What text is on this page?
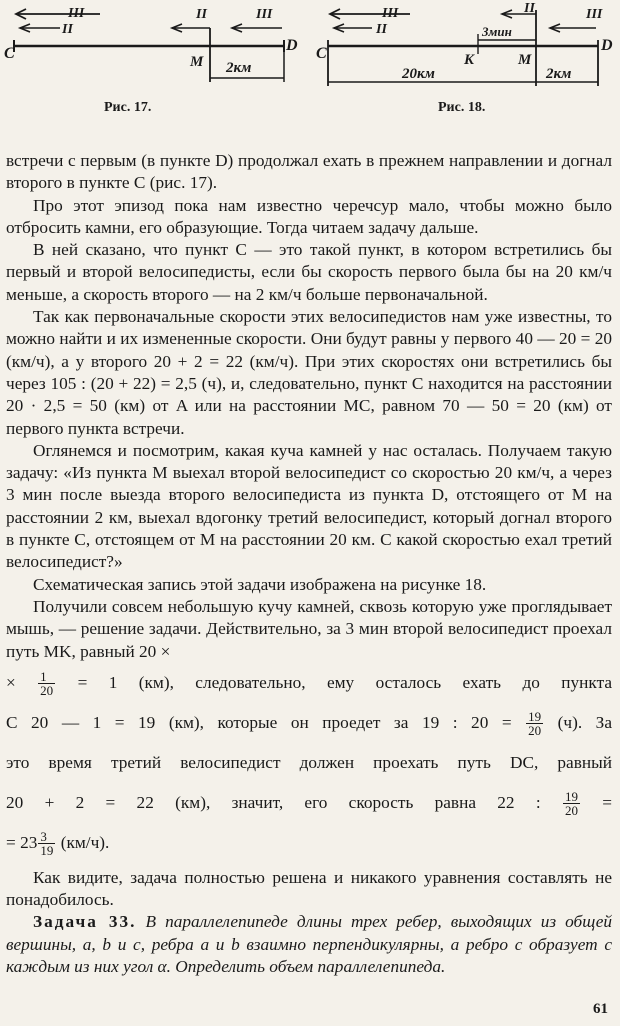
C	D
M 2км
III
II
II	III
Рис. 17.
C	D
K	M
20км
3мин
2км
III
II
II	III
Рис. 18.

встречи с первым (в пункте D) продолжал ехать в прежнем направлении и догнал второго в пункте C (рис. 17).

Про этот эпизод пока нам известно черечсур мало, чтобы можно было отбросить камни, его образующие. Тогда читаем задачу дальше.

В ней сказано, что пункт C — это такой пункт, в котором встретились бы первый и второй велосипедисты, если бы скорость первого была бы на 20 км/ч меньше, а скорость второго — на 2 км/ч больше первоначальной.

Так как первоначальные скорости этих велосипедистов нам уже известны, то можно найти и их измененные скорости. Они будут равны у первого 40 — 20 = 20 (км/ч), а у второго 20 + 2 = 22 (км/ч). При этих скоростях они встретились бы через 105 : (20 + 22) = 2,5 (ч), и, следовательно, пункт C находится на расстоянии 20 · 2,5 = 50 (км) от A или на расстоянии MC, равном 70 — 50 = 20 (км) от первого пункта встречи.

Оглянемся и посмотрим, какая куча камней у нас осталась. Получаем такую задачу: «Из пункта M выехал второй велосипедист со скоростью 20 км/ч, а через 3 мин после выезда второго велосипедиста из пункта D, отстоящего от M на расстоянии 2 км, выехал вдогонку третий велосипедист, который догнал второго в пункте C, отстоящем от M на расстоянии 20 км. С какой скоростью ехал третий велосипедист?»

Схематическая запись этой задачи изображена на рисунке 18.

Получили совсем небольшую кучу камней, сквозь которую уже проглядывает мышь, — решение задачи. Действительно, за 3 мин второй велосипедист проехал путь MK, равный 20 ×

× $\frac{1}{20} = 1$ (км), следовательно, ему осталось ехать до пункта
C 20 — 1 = 19 (км), которые он проедет за 19 : $20 = \frac{19}{20} (ч)$. За
это время третий велосипедист должен проехать путь DC, равный
20 + 2 = 22 (км), значит, его скорость равна 22 : $\frac{19}{20}$ =
= $23 \frac{3}{19} (км/ч)$.

Как видите, задача полностью решена и никакого уравнения составлять не понадобилось.

Задача 33. В параллелепипеде длины трех ребер, выходящих из общей вершины, a, b и c, ребра a и b взаимно перпендикулярны, а ребро c образует с каждым из них угол α. Определить объем параллелепипеда.

61
